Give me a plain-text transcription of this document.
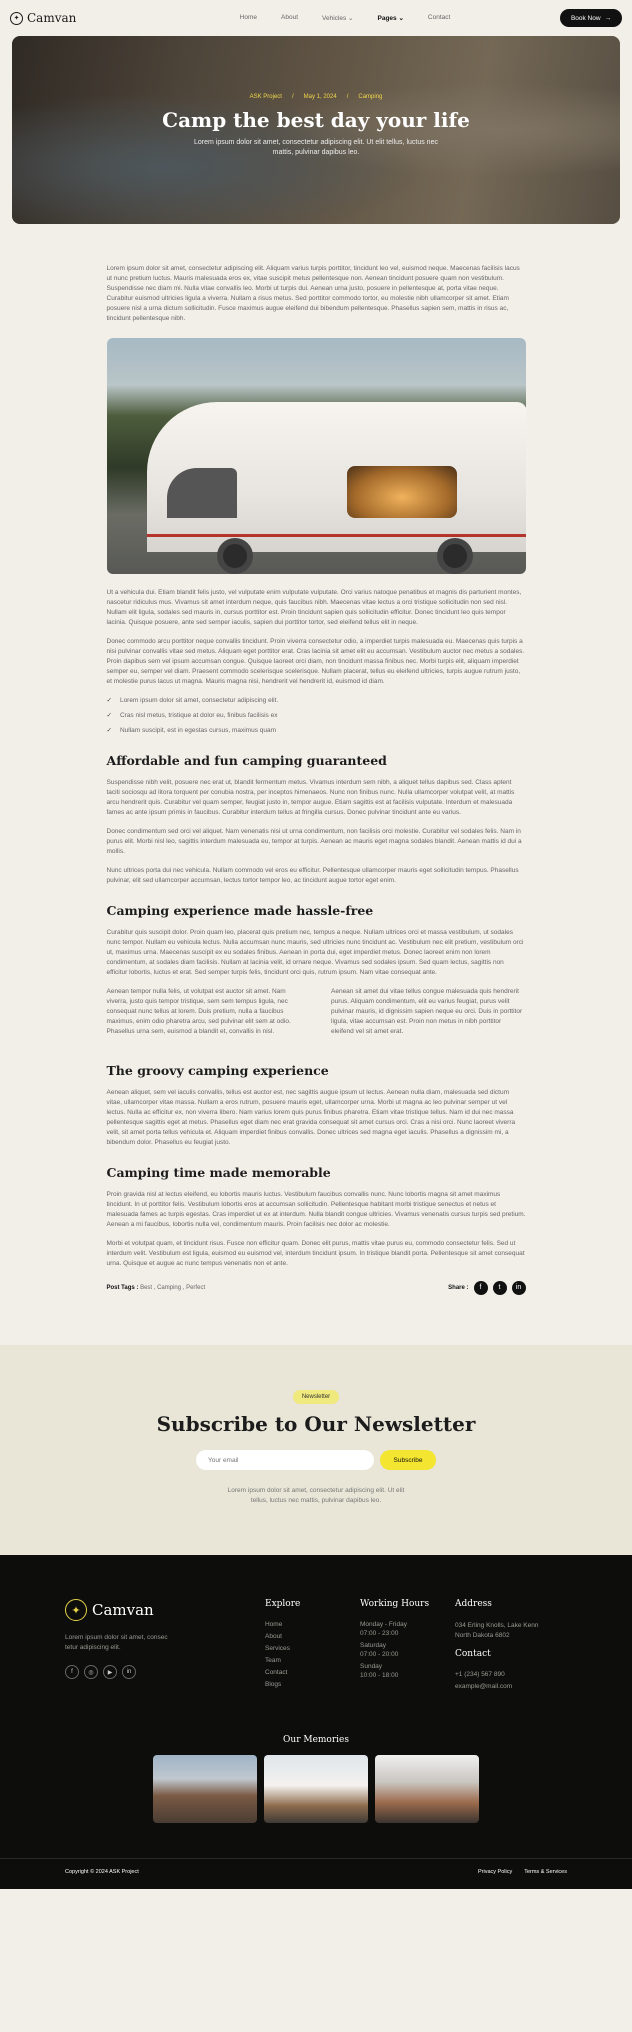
✦ Camvan	Home	About	Vehicles ⌄	Pages ⌄	Contact	Book Now →
ASK Project / May 1, 2024 / Camping
Camp the best day your life

Lorem ipsum dolor sit amet, consectetur adipiscing elit. Ut elit tellus, luctus nec mattis, pulvinar dapibus leo.

Lorem ipsum dolor sit amet, consectetur adipiscing elit. Aliquam varius turpis porttitor, tincidunt leo vel, euismod neque. Maecenas facilisis lacus ut nunc pretium luctus. Mauris malesuada eros ex, vitae suscipit metus pellentesque non. Aenean tincidunt posuere quam non vestibulum. Suspendisse nec diam mi. Nulla vitae convallis leo. Morbi ut turpis dui. Aenean urna justo, posuere in pellentesque at, porta vitae neque. Curabitur euismod ultricies ligula a viverra. Nullam a risus metus. Sed porttitor commodo tortor, eu molestie nibh ullamcorper sit amet. Etiam posuere nisl a urna dictum sollicitudin. Fusce maximus augue eleifend dui bibendum pellentesque. Phasellus sapien sem, mattis in risus ac, tincidunt pellentesque nibh.

Ut a vehicula dui. Etiam blandit felis justo, vel vulputate enim vulputate vulputate. Orci varius natoque penatibus et magnis dis parturient montes, nascetur ridiculus mus. Vivamus sit amet interdum neque, quis faucibus nibh. Maecenas vitae lectus a orci tristique sollicitudin non sed nisl. Nullam elit ligula, sodales sed mauris in, cursus porttitor est. Proin tincidunt sapien quis sollicitudin efficitur. Donec tincidunt leo quis tempor lacinia. Quisque posuere, ante sed semper iaculis, sapien dui porttitor tortor, sed eleifend tellus elit in neque.

Donec commodo arcu porttitor neque convallis tincidunt. Proin viverra consectetur odio, a imperdiet turpis malesuada eu. Maecenas quis turpis a nisi pulvinar convallis vitae sed metus. Aliquam eget porttitor erat. Cras lacinia sit amet elit eu accumsan. Vestibulum auctor nec metus a sodales. Proin dapibus sem vel ipsum accumsan congue. Quisque laoreet orci diam, non tincidunt massa finibus nec. Morbi turpis elit, aliquam imperdiet semper eu, semper vel diam. Praesent commodo scelerisque scelerisque. Nullam placerat, tellus eu eleifend ultricies, turpis augue rutrum justo, et molestie purus lacus ut magna. Mauris magna nisi, hendrerit vel hendrerit id, euismod id diam.

✓ Lorem ipsum dolor sit amet, consectetur adipiscing elit.
✓ Cras nisl metus, tristique at dolor eu, finibus facilisis ex
✓ Nullam suscipit, est in egestas cursus, maximus quam
Affordable and fun camping guaranteed

Suspendisse nibh velit, posuere nec erat ut, blandit fermentum metus. Vivamus interdum sem nibh, a aliquet tellus dapibus sed. Class aptent taciti sociosqu ad litora torquent per conubia nostra, per inceptos himenaeos. Nunc non finibus nunc. Nulla ullamcorper volutpat velit, at mattis arcu hendrerit quis. Curabitur vel quam semper, feugiat justo in, tempor augue. Etiam sagittis est at facilisis vulputate. Interdum et malesuada fames ac ante ipsum primis in faucibus. Curabitur interdum tellus at fringilla cursus. Donec pulvinar tincidunt ante eu varius.

Donec condimentum sed orci vel aliquet. Nam venenatis nisi ut urna condimentum, non facilisis orci molestie. Curabitur vel sodales felis. Nam in purus elit. Morbi nisl leo, sagittis interdum malesuada eu, tempor at turpis. Aenean ac mauris eget magna sodales blandit. Aenean mattis id dui a mollis.

Nunc ultrices porta dui nec vehicula. Nullam commodo vel eros eu efficitur. Pellentesque ullamcorper mauris eget sollicitudin tempus. Phasellus pulvinar, elit sed ullamcorper accumsan, lectus tortor tempor leo, ac tincidunt augue tortor eget enim.

Camping experience made hassle-free

Curabitur quis suscipit dolor. Proin quam leo, placerat quis pretium nec, tempus a neque. Nullam ultrices orci et massa vestibulum, ut sodales nunc tempor. Nullam eu vehicula lectus. Nulla accumsan nunc mauris, sed ultricies nunc tincidunt ac. Vestibulum nec elit pretium, vestibulum orci ut, maximus urna. Maecenas suscipit ex eu sodales finibus. Aenean in porta dui, eget imperdiet metus. Donec laoreet enim non lorem condimentum, at sodales diam facilisis. Nullam at lacinia velit, id ornare neque. Vivamus sed sodales ipsum. Sed quam lectus, sagittis non efficitur lobortis, luctus et erat. Sed semper turpis felis, tincidunt orci quis, rutrum ipsum. Nam vitae consequat ante.

Aenean tempor nulla felis, ut volutpat est auctor sit amet. Nam viverra, justo quis tempor tristique, sem sem tempus ligula, nec consequat nunc tellus at lorem. Duis pretium, nulla a faucibus maximus, enim odio pharetra arcu, sed pulvinar elit sem at odio. Phasellus urna sem, euismod a blandit et, convallis in nisl.

Aenean sit amet dui vitae tellus congue malesuada quis hendrerit purus. Aliquam condimentum, elit eu varius feugiat, purus velit pulvinar mauris, id dignissim sapien neque eu orci. Duis in porttitor ligula, vitae accumsan est. Proin non metus in nibh porttitor eleifend vel sit amet erat.

The groovy camping experience

Aenean aliquet, sem vel iaculis convallis, tellus est auctor est, nec sagittis augue ipsum ut lectus. Aenean nulla diam, malesuada sed dictum vitae, ullamcorper vitae massa. Nullam a eros rutrum, posuere mauris eget, ullamcorper urna. Morbi ut magna ac leo pulvinar semper ut vel lectus. Nulla ac efficitur ex, non viverra libero. Nam varius lorem quis purus finibus pharetra. Etiam vitae tristique tellus. Nam id dui nec massa pellentesque sagittis eget at metus. Phasellus eget diam nec erat gravida consequat sit amet cursus orci. Cras a nisi orci. Nunc laoreet viverra velit, sit amet porta tellus vehicula et. Aliquam imperdiet finibus convallis. Donec ultrices sed magna eget iaculis. Phasellus a dignissim mi, a bibendum dolor. Phasellus eu feugiat justo.

Camping time made memorable

Proin gravida nisl at lectus eleifend, eu lobortis mauris luctus. Vestibulum faucibus convallis nunc. Nunc lobortis magna sit amet maximus tincidunt. In ut porttitor felis. Vestibulum lobortis eros at accumsan sollicitudin. Pellentesque habitant morbi tristique senectus et netus et malesuada fames ac turpis egestas. Cras imperdiet ut ex at interdum. Nulla blandit congue ultricies. Vivamus venenatis cursus turpis sed pretium. Aenean a mi faucibus, lobortis nulla vel, condimentum mauris. Proin facilisis nec dolor ac molestie.

Morbi et volutpat quam, et tincidunt risus. Fusce non efficitur quam. Donec elit purus, mattis vitae purus eu, commodo consectetur felis. Sed ut interdum velit. Vestibulum est ligula, euismod eu euismod vel, interdum tincidunt ipsum. In tristique blandit porta. Pellentesque sit amet consequat urna. Quisque et augue ac nunc tempus venenatis non et ante.

Post Tags : Best , Camping , Perfect	Share :	f	t	in
Newsletter
Subscribe to Our Newsletter
Your email
Subscribe

Lorem ipsum dolor sit amet, consectetur adipiscing elit. Ut elit tellus, luctus nec mattis, pulvinar dapibus leo.

✦ Camvan

Lorem ipsum dolor sit amet, consec tetur adipiscing elit.

f	◎	▶	in
Explore
Home
About
Services
Team
Contact
Blogs
Working Hours
Monday - Friday
07:00 - 23:00
Saturday
07:00 - 20:00
Sunday
10:00 - 18:00
Address
034 Erling Knolls, Lake Kenn North Dakota 6802
Contact
+1 (234) 567 890
example@mail.com
Our Memories
Copyright © 2024 ASK Project	Privacy Policy Terms & Services
